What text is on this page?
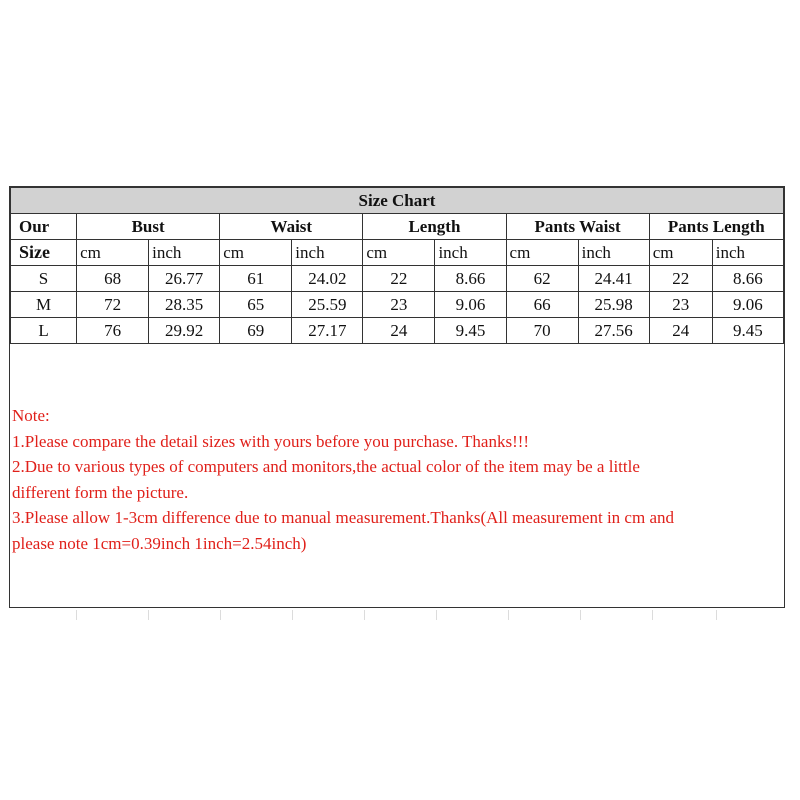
Size Chart										
Our	Bust		Waist		Length		Pants Waist		Pants Length	
Size	cm	inch	cm	inch	cm	inch	cm	inch	cm	inch
S	68	26.77	61	24.02	22	8.66	62	24.41	22	8.66
M	72	28.35	65	25.59	23	9.06	66	25.98	23	9.06
L	76	29.92	69	27.17	24	9.45	70	27.56	24	9.45
Note:
1.Please compare the detail sizes with yours before you purchase. Thanks!!!
2.Due to various types of computers and monitors,the actual color of the item may be a little
different form the picture.
3.Please allow 1-3cm difference due to manual measurement.Thanks(All measurement in cm and
please note 1cm=0.39inch 1inch=2.54inch)
